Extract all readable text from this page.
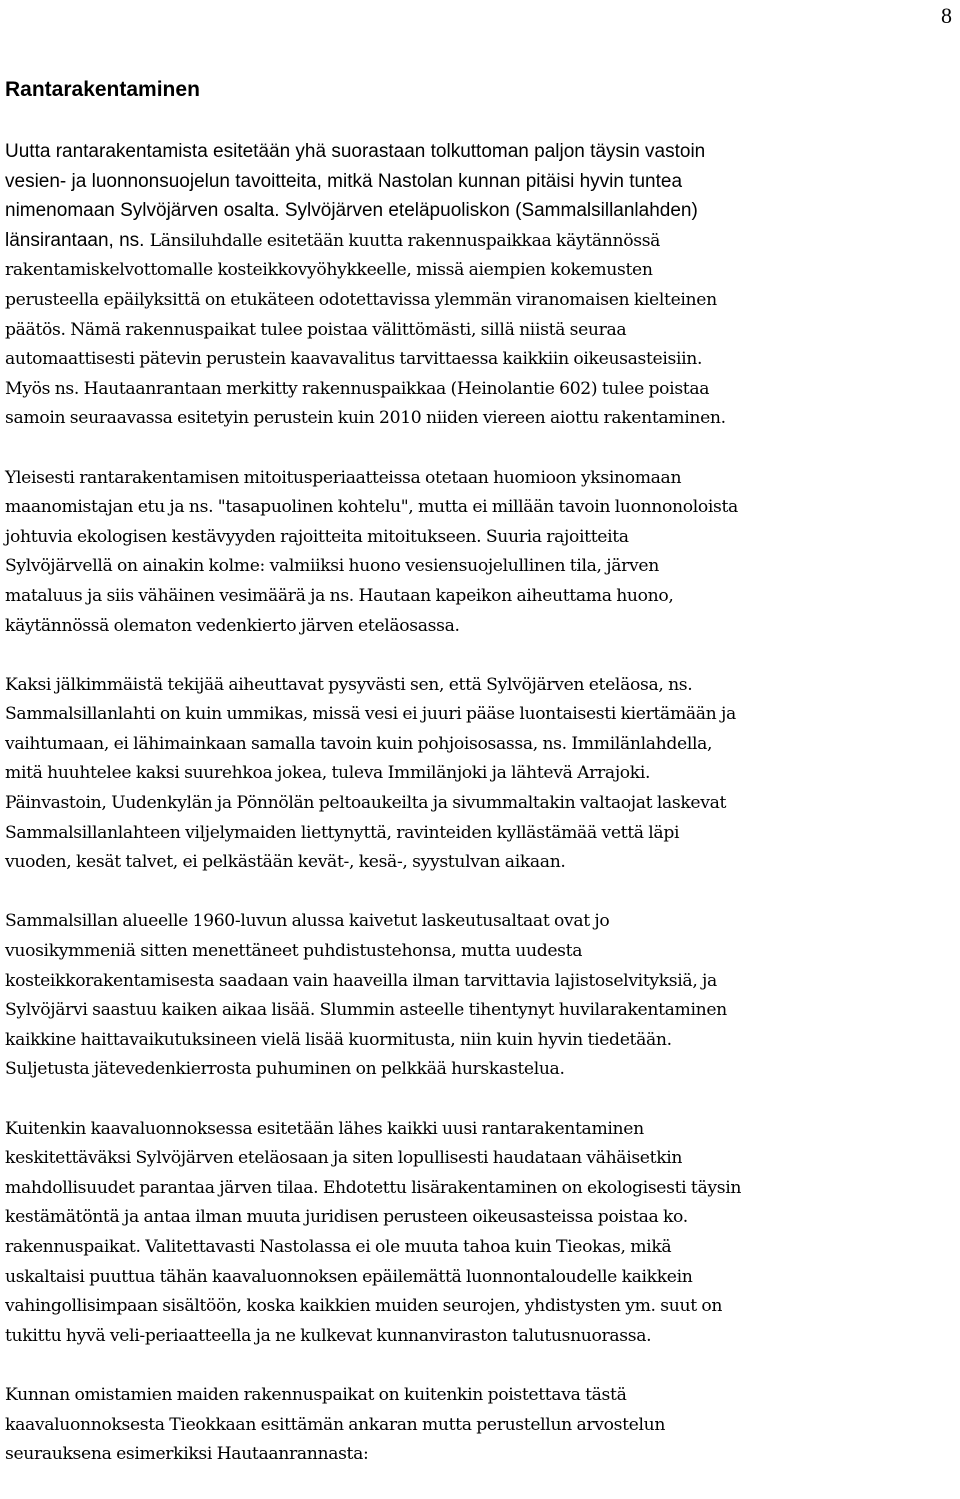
8
Rantarakentaminen

Uutta rantarakentamista esitetään yhä suorastaan tolkuttoman paljon täysin vastoin
vesien- ja luonnonsuojelun tavoitteita, mitkä Nastolan kunnan pitäisi hyvin tuntea
nimenomaan Sylvöjärven osalta. Sylvöjärven eteläpuoliskon (Sammalsillanlahden)
länsirantaan, ns. Länsiluhdalle esitetään kuutta rakennuspaikkaa käytännössä
rakentamiskelvottomalle kosteikkovyöhykkeelle, missä aiempien kokemusten
perusteella epäilyksittä on etukäteen odotettavissa ylemmän viranomaisen kielteinen
päätös. Nämä rakennuspaikat tulee poistaa välittömästi, sillä niistä seuraa
automaattisesti pätevin perustein kaavavalitus tarvittaessa kaikkiin oikeusasteisiin.
Myös ns. Hautaanrantaan merkitty rakennuspaikkaa (Heinolantie 602) tulee poistaa
samoin seuraavassa esitetyin perustein kuin 2010 niiden viereen aiottu rakentaminen.

Yleisesti rantarakentamisen mitoitusperiaatteissa otetaan huomioon yksinomaan
maanomistajan etu ja ns. "tasapuolinen kohtelu", mutta ei millään tavoin luonnonoloista
johtuvia ekologisen kestävyyden rajoitteita mitoitukseen. Suuria rajoitteita
Sylvöjärvellä on ainakin kolme: valmiiksi huono vesiensuojelullinen tila, järven
mataluus ja siis vähäinen vesimäärä ja ns. Hautaan kapeikon aiheuttama huono,
käytännössä olematon vedenkierto järven eteläosassa.

Kaksi jälkimmäistä tekijää aiheuttavat pysyvästi sen, että Sylvöjärven eteläosa, ns.
Sammalsillanlahti on kuin ummikas, missä vesi ei juuri pääse luontaisesti kiertämään ja
vaihtumaan, ei lähimainkaan samalla tavoin kuin pohjoisosassa, ns. Immilänlahdella,
mitä huuhtelee kaksi suurehkoa jokea, tuleva Immilänjoki ja lähtevä Arrajoki.
Päinvastoin, Uudenkylän ja Pönnölän peltoaukeilta ja sivummaltakin valtaojat laskevat
Sammalsillanlahteen viljelymaiden liettynyttä, ravinteiden kyllästämää vettä läpi
vuoden, kesät talvet, ei pelkästään kevät-, kesä-, syystulvan aikaan.

Sammalsillan alueelle 1960-luvun alussa kaivetut laskeutusaltaat ovat jo
vuosikymmeniä sitten menettäneet puhdistustehonsa, mutta uudesta
kosteikkorakentamisesta saadaan vain haaveilla ilman tarvittavia lajistoselvityksiä, ja
Sylvöjärvi saastuu kaiken aikaa lisää. Slummin asteelle tihentynyt huvilarakentaminen
kaikkine haittavaikutuksineen vielä lisää kuormitusta, niin kuin hyvin tiedetään.
Suljetusta jätevedenkierrosta puhuminen on pelkkää hurskastelua.

Kuitenkin kaavaluonnoksessa esitetään lähes kaikki uusi rantarakentaminen
keskitettäväksi Sylvöjärven eteläosaan ja siten lopullisesti haudataan vähäisetkin
mahdollisuudet parantaa järven tilaa. Ehdotettu lisärakentaminen on ekologisesti täysin
kestämätöntä ja antaa ilman muuta juridisen perusteen oikeusasteissa poistaa ko.
rakennuspaikat. Valitettavasti Nastolassa ei ole muuta tahoa kuin Tieokas, mikä
uskaltaisi puuttua tähän kaavaluonnoksen epäilemättä luonnontaloudelle kaikkein
vahingollisimpaan sisältöön, koska kaikkien muiden seurojen, yhdistysten ym. suut on
tukittu hyvä veli-periaatteella ja ne kulkevat kunnanviraston talutusnuorassa.

Kunnan omistamien maiden rakennuspaikat on kuitenkin poistettava tästä
kaavaluonnoksesta Tieokkaan esittämän ankaran mutta perustellun arvostelun
seurauksena esimerkiksi Hautaanrannasta:
